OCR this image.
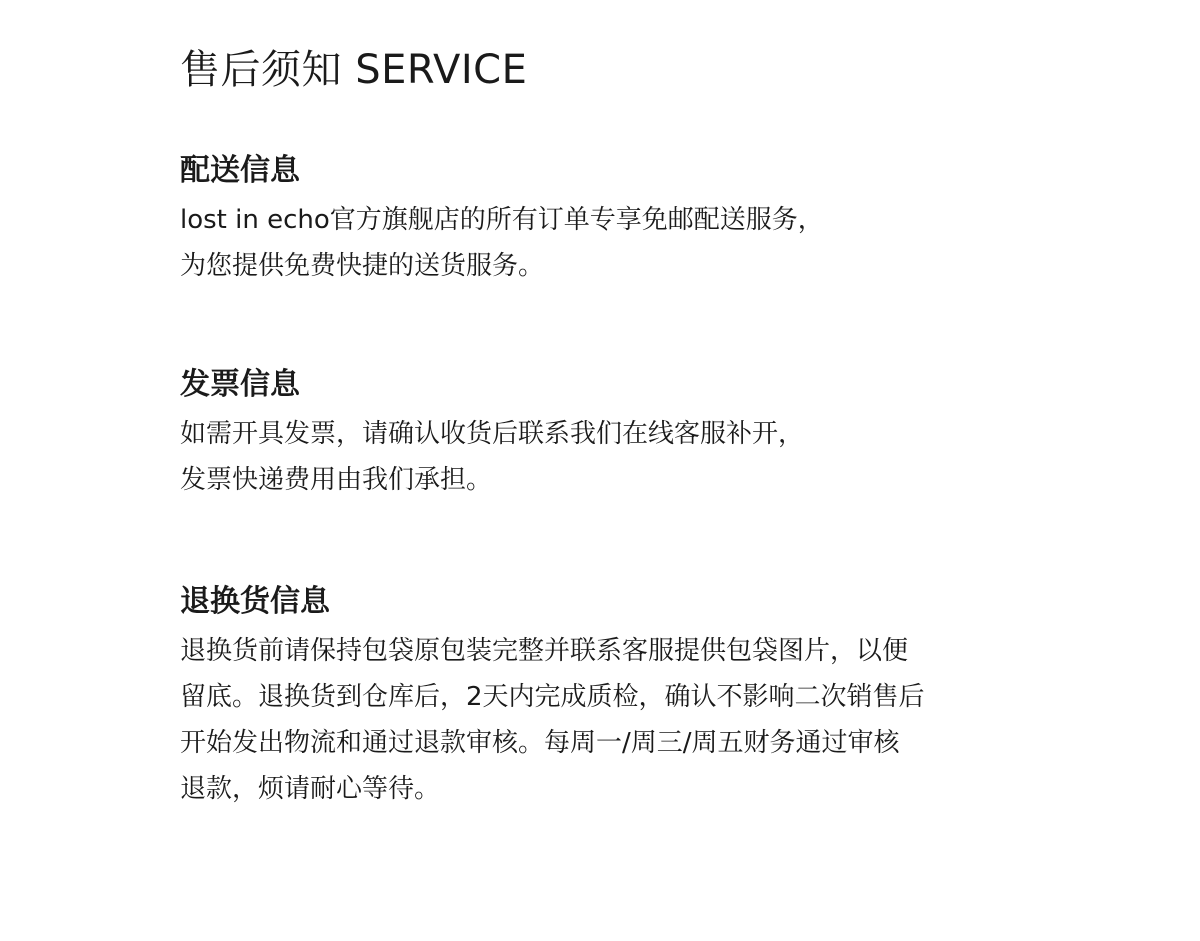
售后须知 SERVICE
配送信息

lost in echo官方旗舰店的所有订单专享免邮配送服务，
为您提供免费快捷的送货服务。

发票信息

如需开具发票，请确认收货后联系我们在线客服补开，
发票快递费用由我们承担。

退换货信息

退换货前请保持包袋原包装完整并联系客服提供包袋图片，以便
留底。退换货到仓库后，2天内完成质检，确认不影响二次销售后
开始发出物流和通过退款审核。每周一/周三/周五财务通过审核
退款，烦请耐心等待。
